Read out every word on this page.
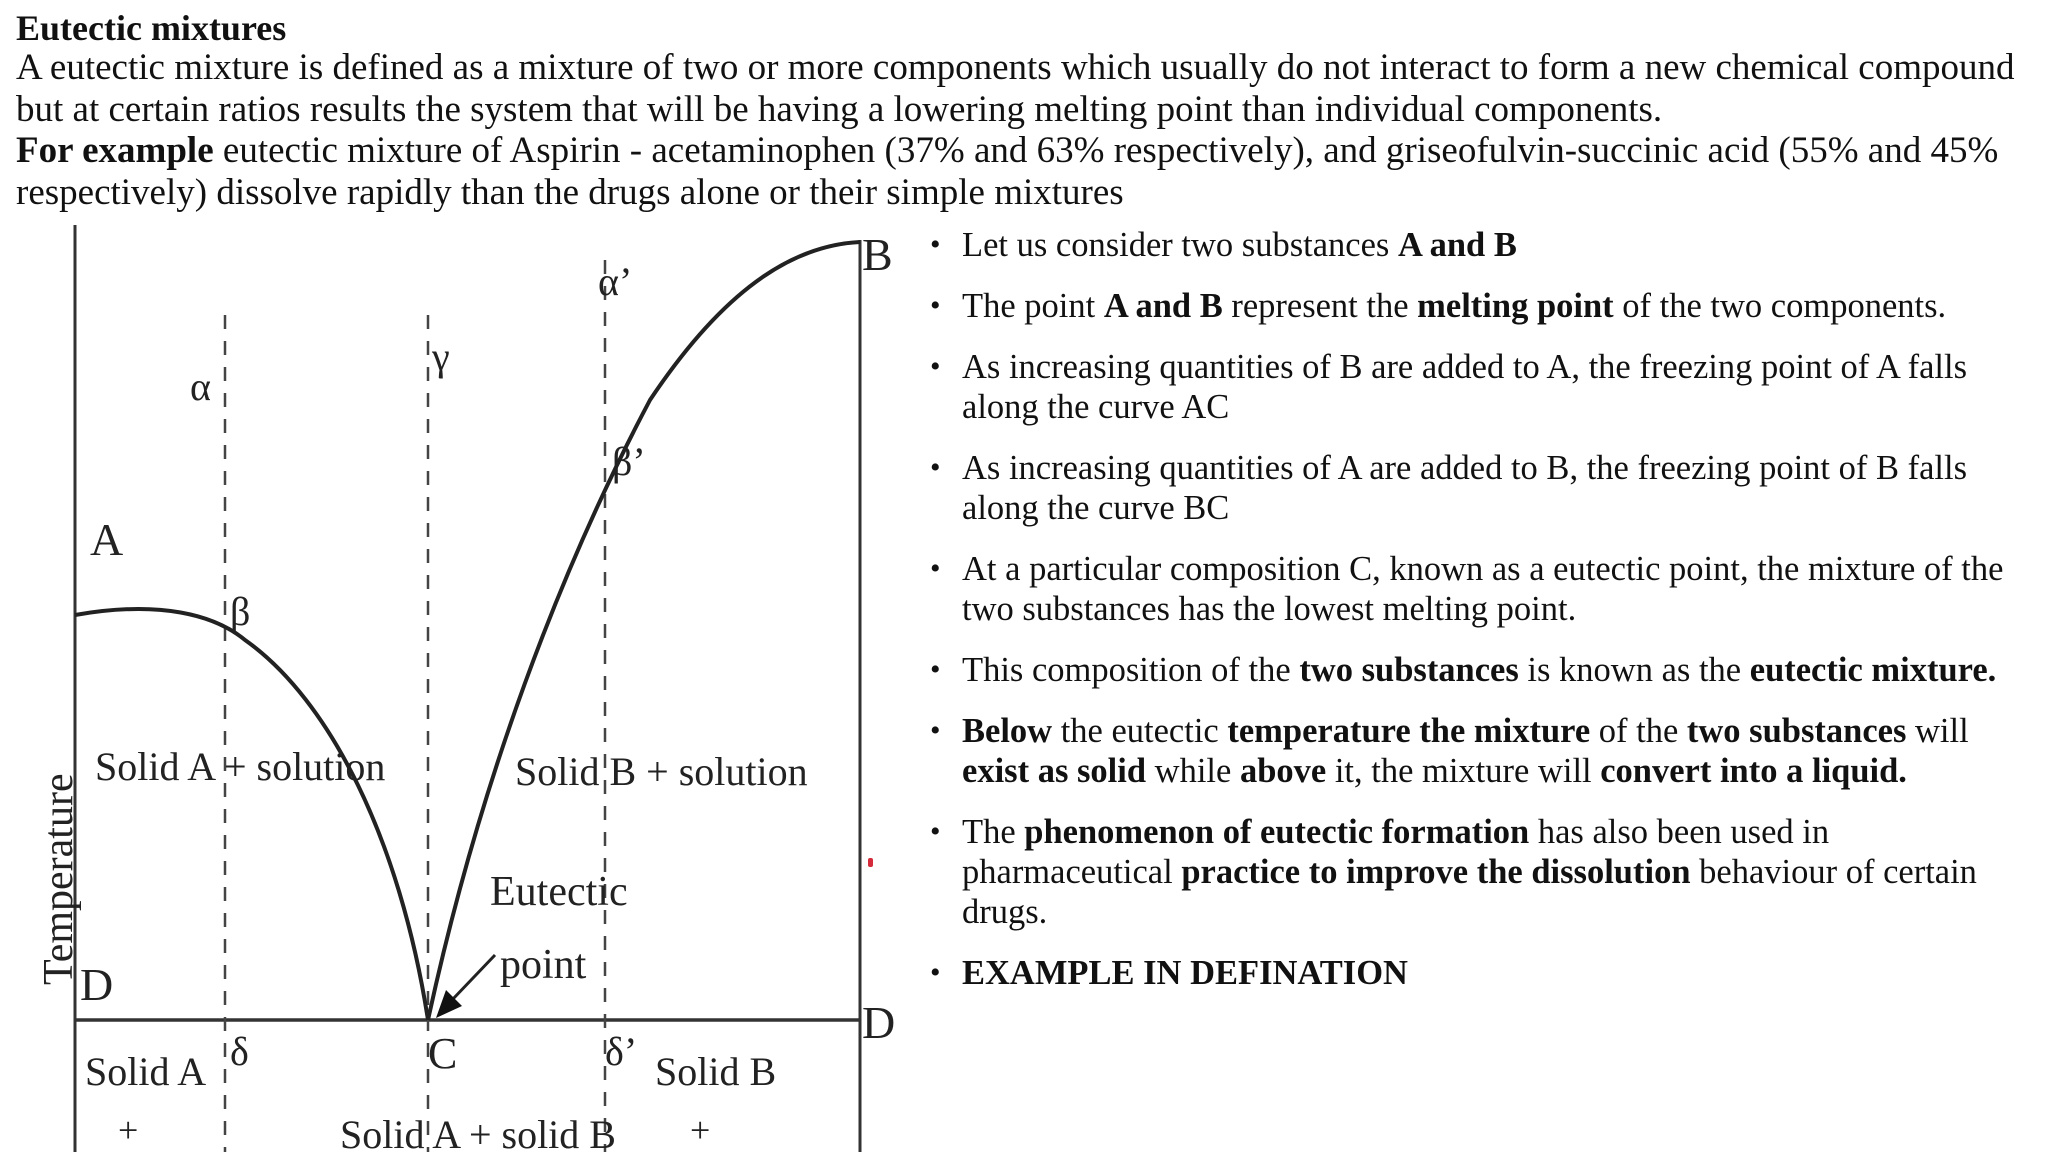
Eutectic mixtures
A eutectic mixture is defined as a mixture of two or more components which usually do not interact to form a new chemical compound but at certain ratios results the system that will be having a lowering melting point than individual components.
For example eutectic mixture of Aspirin - acetaminophen (37% and 63% respectively), and griseofulvin-succinic acid (55% and 45% respectively) dissolve rapidly than the drugs alone or their simple mixtures
Temperature
A
B
D
D
C
α
α’
β
β’
γ
δ	δ’
Solid A + solution	Solid B + solution
Eutectic
point
Solid A	Solid B
+	+
Solid A + solid B
• Let us consider two substances A and B
• The point A and B represent the melting point of the two components.
• As increasing quantities of B are added to A, the freezing point of A falls along the curve AC
• As increasing quantities of A are added to B, the freezing point of B falls along the curve BC
• At a particular composition C, known as a eutectic point, the mixture of the two substances has the lowest melting point.
• This composition of the two substances is known as the eutectic mixture.
• Below the eutectic temperature the mixture of the two substances will exist as solid while above it, the mixture will convert into a liquid.
• The phenomenon of eutectic formation has also been used in pharmaceutical practice to improve the dissolution behaviour of certain drugs.
• EXAMPLE IN DEFINATION
